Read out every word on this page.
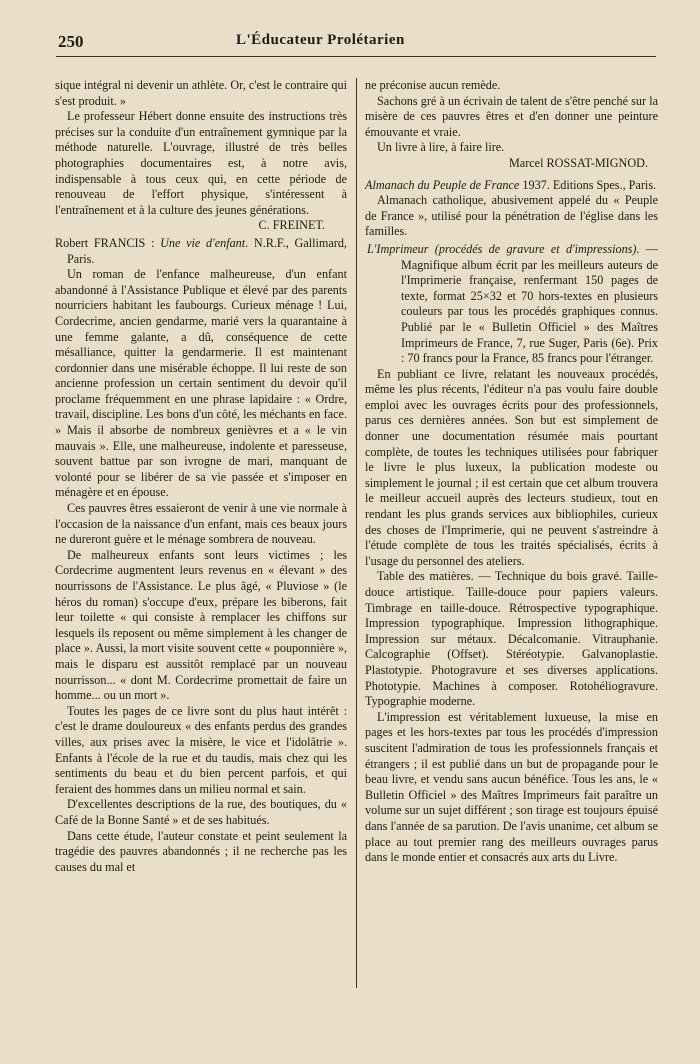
250	L'Éducateur Prolétarien

sique intégral ni devenir un athlète. Or, c'est le contraire qui s'est produit. »

Le professeur Hébert donne ensuite des instructions très précises sur la conduite d'un entraînement gymnique par la méthode naturelle. L'ouvrage, illustré de très belles photographies documentaires est, à notre avis, indispensable à tous ceux qui, en cette période de renouveau de l'effort physique, s'intéressent à l'entraînement et à la culture des jeunes générations.

C. FREINET.

Robert FRANCIS : Une vie d'enfant. N.R.F., Gallimard, Paris.

Un roman de l'enfance malheureuse, d'un enfant abandonné à l'Assistance Publique et élevé par des parents nourriciers habitant les faubourgs. Curieux ménage ! Lui, Cordecrime, ancien gendarme, marié vers la quarantaine à une femme galante, a dû, conséquence de cette mésalliance, quitter la gendarmerie. Il est maintenant cordonnier dans une misérable échoppe. Il lui reste de son ancienne profession un certain sentiment du devoir qu'il proclame fréquemment en une phrase lapidaire : « Ordre, travail, discipline. Les bons d'un côté, les méchants en face. » Mais il absorbe de nombreux genièvres et a « le vin mauvais ». Elle, une malheureuse, indolente et paresseuse, souvent battue par son ivrogne de mari, manquant de volonté pour se libérer de sa vie passée et s'imposer en ménagère et en épouse.

Ces pauvres êtres essaieront de venir à une vie normale à l'occasion de la naissance d'un enfant, mais ces beaux jours ne dureront guère et le ménage sombrera de nouveau.

De malheureux enfants sont leurs victimes ; les Cordecrime augmentent leurs revenus en « élevant » des nourrissons de l'Assistance. Le plus âgé, « Pluviose » (le héros du roman) s'occupe d'eux, prépare les biberons, fait leur toilette « qui consiste à remplacer les chiffons sur lesquels ils reposent ou même simplement à les changer de place ». Aussi, la mort visite souvent cette « pouponnière », mais le disparu est aussitôt remplacé par un nouveau nourrisson... « dont M. Cordecrime promettait de faire un homme... ou un mort ».

Toutes les pages de ce livre sont du plus haut intérêt : c'est le drame douloureux « des enfants perdus des grandes villes, aux prises avec la misère, le vice et l'idolâtrie ». Enfants à l'école de la rue et du taudis, mais chez qui les sentiments du beau et du bien percent parfois, et qui feraient des hommes dans un milieu normal et sain.

D'excellentes descriptions de la rue, des boutiques, du « Café de la Bonne Santé » et de ses habitués.

Dans cette étude, l'auteur constate et peint seulement la tragédie des pauvres abandonnés ; il ne recherche pas les causes du mal et

ne préconise aucun remède.

Sachons gré à un écrivain de talent de s'être penché sur la misère de ces pauvres êtres et d'en donner une peinture émouvante et vraie.

Un livre à lire, à faire lire.

Marcel ROSSAT-MIGNOD.

Almanach du Peuple de France 1937. Editions Spes., Paris.

Almanach catholique, abusivement appelé du « Peuple de France », utilisé pour la pénétration de l'église dans les familles.

L'Imprimeur (procédés de gravure et d'impressions). — Magnifique album écrit par les meilleurs auteurs de l'Imprimerie française, renfermant 150 pages de texte, format 25×32 et 70 hors-textes en plusieurs couleurs par tous les procédés graphiques connus. Publié par le « Bulletin Officiel » des Maîtres Imprimeurs de France, 7, rue Suger, Paris (6e). Prix : 70 francs pour la France, 85 francs pour l'étranger.

En publiant ce livre, relatant les nouveaux procédés, même les plus récents, l'éditeur n'a pas voulu faire double emploi avec les ouvrages écrits pour des professionnels, parus ces dernières années. Son but est simplement de donner une documentation résumée mais pourtant complète, de toutes les techniques utilisées pour fabriquer le livre le plus luxeux, la publication modeste ou simplement le journal ; il est certain que cet album trouvera le meilleur accueil auprès des lecteurs studieux, tout en rendant les plus grands services aux bibliophiles, curieux des choses de l'Imprimerie, qui ne peuvent s'astreindre à l'étude complète de tous les traités spécialisés, écrits à l'usage du personnel des ateliers.

Table des matières. — Technique du bois gravé. Taille-douce artistique. Taille-douce pour papiers valeurs. Timbrage en taille-douce. Rétrospective typographique. Impression typographique. Impression lithographique. Impression sur métaux. Décalcomanie. Vitrauphanie. Calcographie (Offset). Stéréotypie. Galvanoplastie. Plastotypie. Photogravure et ses diverses applications. Phototypie. Machines à composer. Rotohéliogravure. Typographie moderne.

L'impression est véritablement luxueuse, la mise en pages et les hors-textes par tous les procédés d'impression suscitent l'admiration de tous les professionnels français et étrangers ; il est publié dans un but de propagande pour le beau livre, et vendu sans aucun bénéfice. Tous les ans, le « Bulletin Officiel » des Maîtres Imprimeurs fait paraître un volume sur un sujet différent ; son tirage est toujours épuisé dans l'année de sa parution. De l'avis unanime, cet album se place au tout premier rang des meilleurs ouvrages parus dans le monde entier et consacrés aux arts du Livre.
